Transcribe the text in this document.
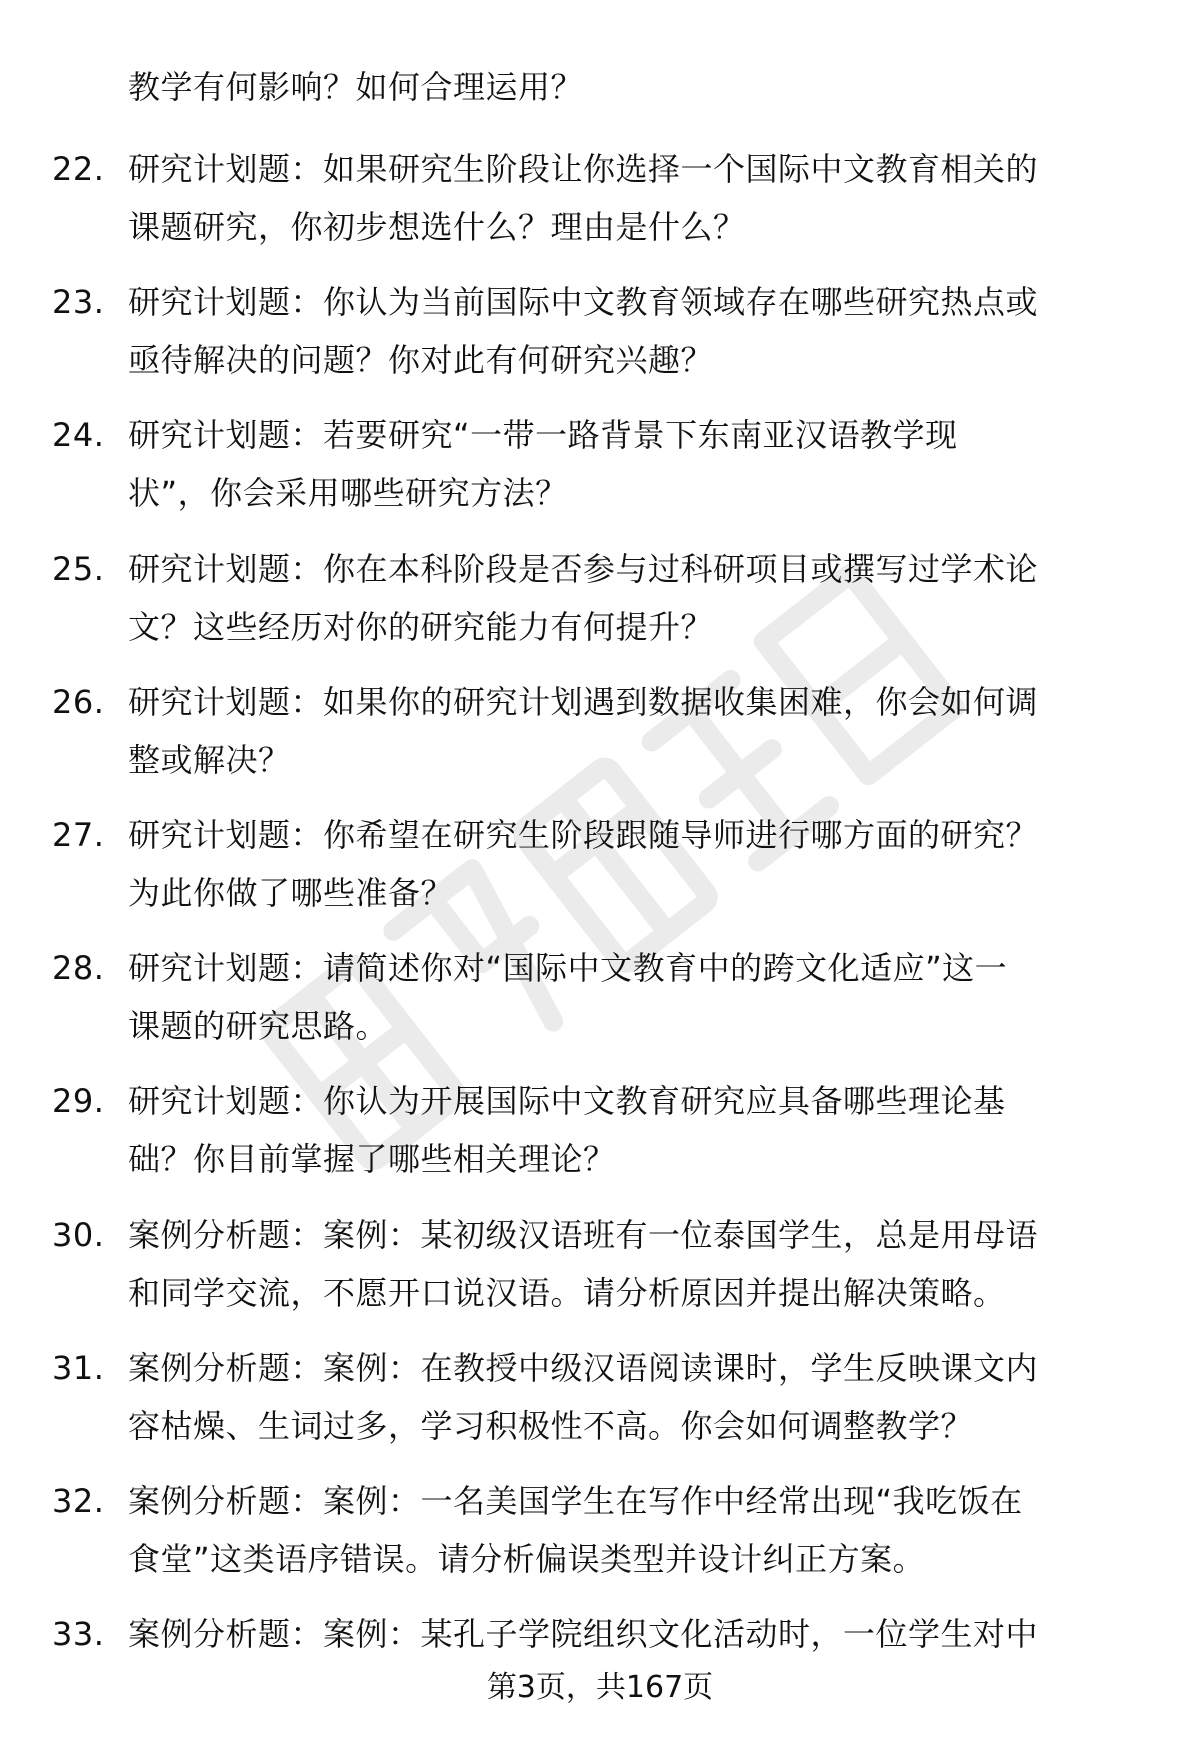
教学有何影响？如何合理运用？
22. 研究计划题：如果研究生阶段让你选择一个国际中文教育相关的
课题研究，你初步想选什么？理由是什么？
23. 研究计划题：你认为当前国际中文教育领域存在哪些研究热点或
亟待解决的问题？你对此有何研究兴趣？
24. 研究计划题：若要研究“一带一路背景下东南亚汉语教学现
状”，你会采用哪些研究方法？
25. 研究计划题：你在本科阶段是否参与过科研项目或撰写过学术论
文？这些经历对你的研究能力有何提升？
26. 研究计划题：如果你的研究计划遇到数据收集困难，你会如何调
整或解决？
27. 研究计划题：你希望在研究生阶段跟随导师进行哪方面的研究？
为此你做了哪些准备？
28. 研究计划题：请简述你对“国际中文教育中的跨文化适应”这一
课题的研究思路。
29. 研究计划题：你认为开展国际中文教育研究应具备哪些理论基
础？你目前掌握了哪些相关理论？
30. 案例分析题：案例：某初级汉语班有一位泰国学生，总是用母语
和同学交流，不愿开口说汉语。请分析原因并提出解决策略。
31. 案例分析题：案例：在教授中级汉语阅读课时，学生反映课文内
容枯燥、生词过多，学习积极性不高。你会如何调整教学？
32. 案例分析题：案例：一名美国学生在写作中经常出现“我吃饭在
食堂”这类语序错误。请分析偏误类型并设计纠正方案。
33. 案例分析题：案例：某孔子学院组织文化活动时，一位学生对中
第3页，共167页
